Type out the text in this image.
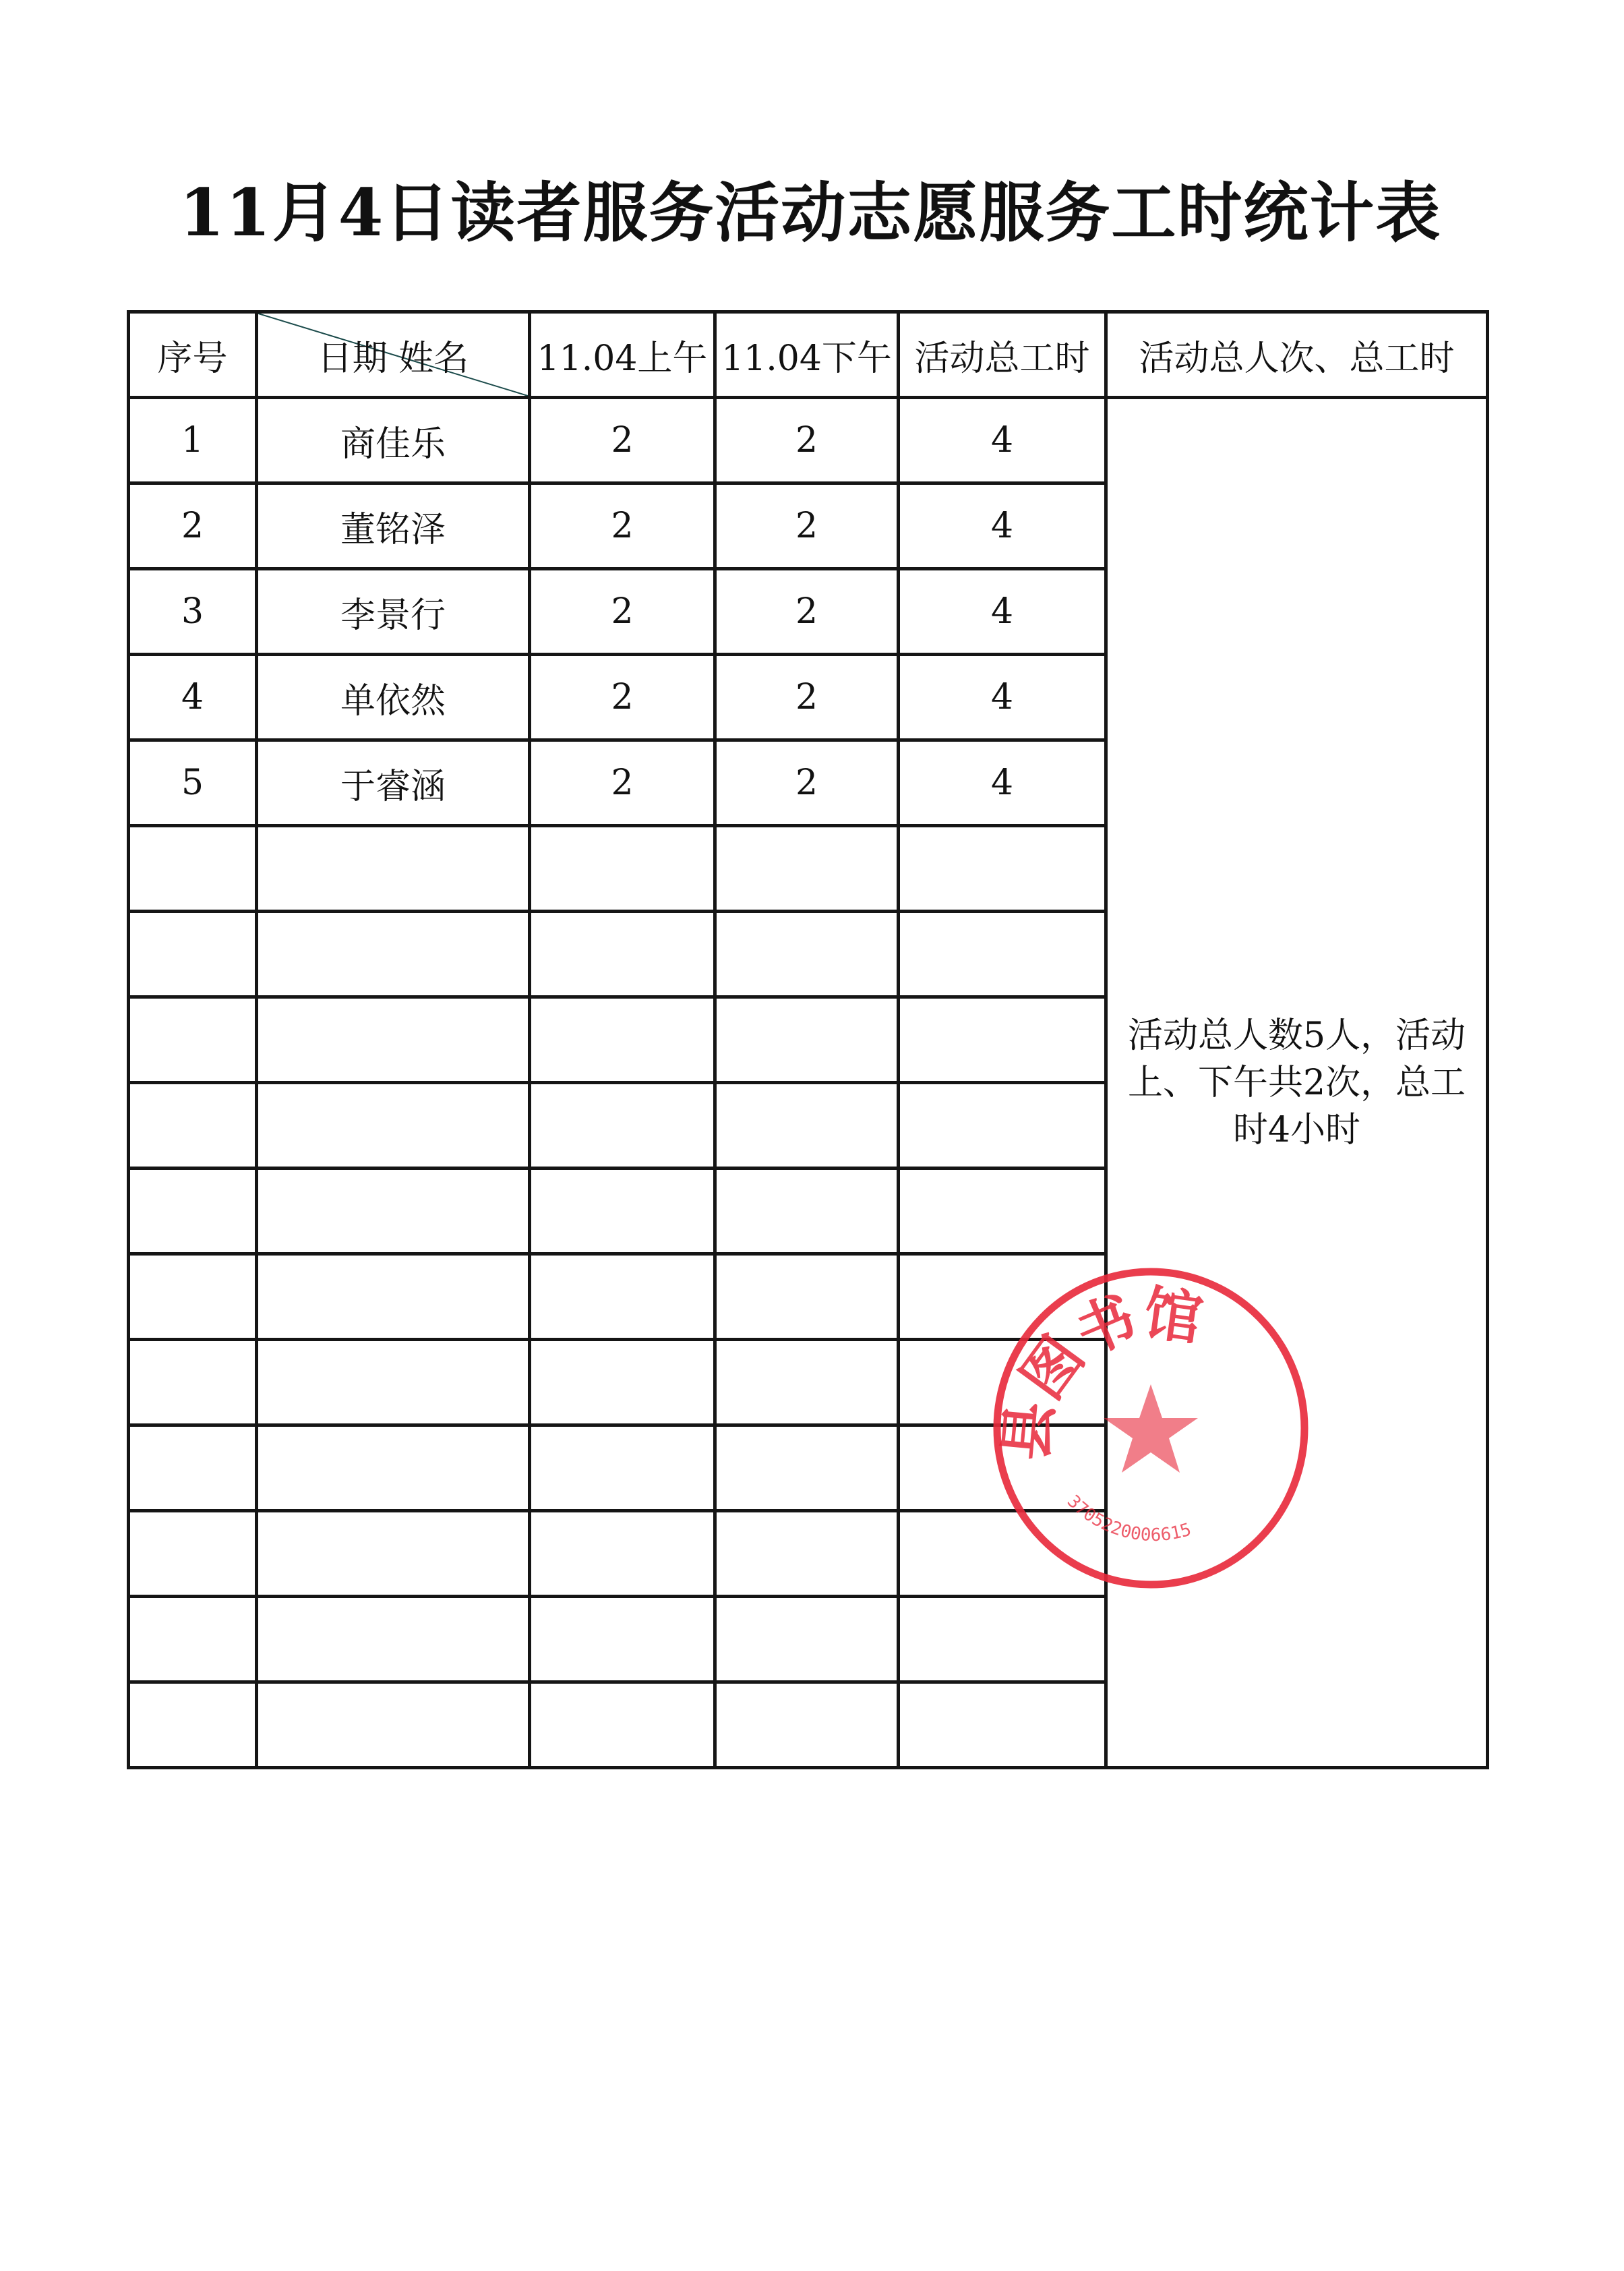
11月4日读者服务活动志愿服务工时统计表
序号	日期 姓名	11.04上午	11.04下午	活动总工时	活动总人次、总工时
1	商佳乐	2	2	4	活动总人数5人，活动上、下午共2次，总工时4小时
2	董铭泽	2	2	4	
3	李景行	2	2	4	
4	单依然	2	2	4	
5	于睿涵	2	2	4	

县图书馆
3705220006615
